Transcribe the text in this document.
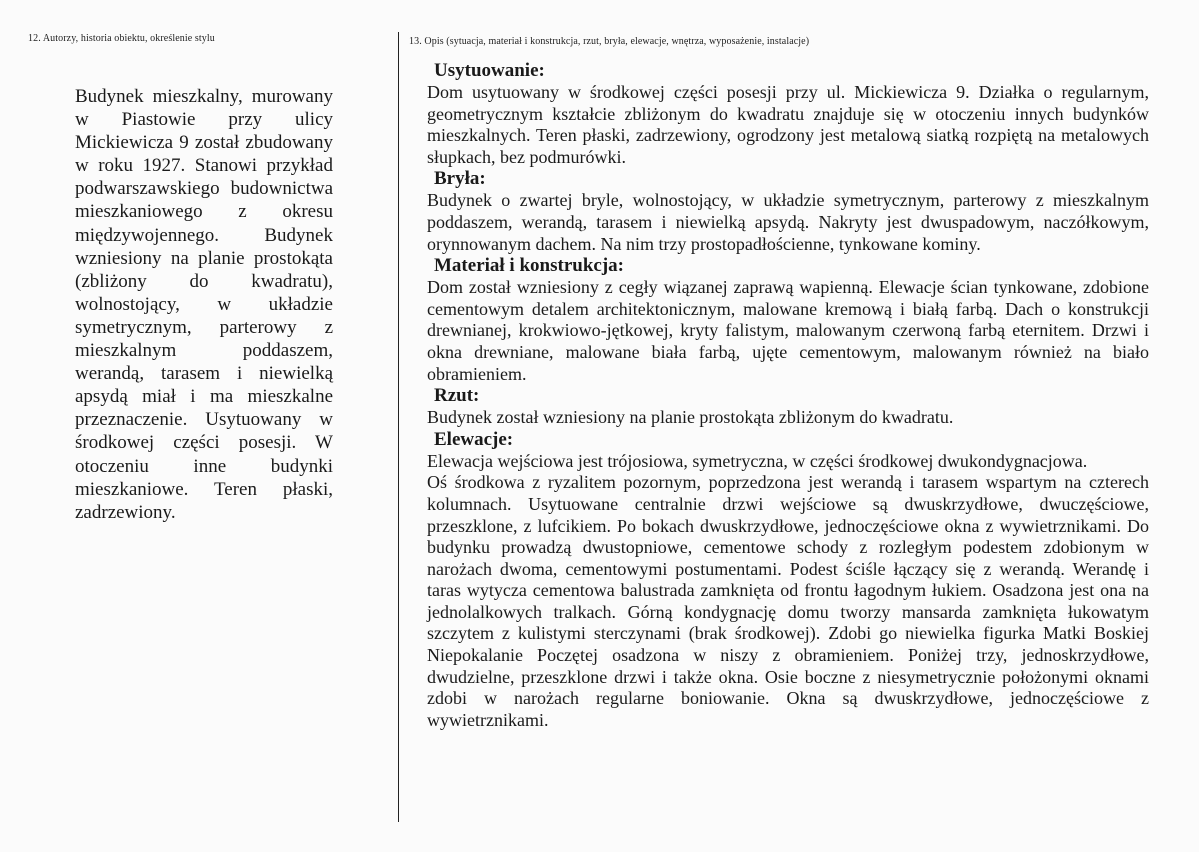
12. Autorzy, historia obiektu, określenie stylu	13. Opis (sytuacja, materiał i konstrukcja, rzut, bryła, elewacje, wnętrza, wyposażenie, instalacje)
Budynek mieszkalny, murowany w Piastowie przy ulicy Mickiewicza 9 został zbudowany w roku 1927. Stanowi przykład podwarszawskiego budownictwa mieszkaniowego z okresu międzywojennego. Budynek wzniesiony na planie prostokąta (zbliżony do kwadratu), wolnostojący, w układzie symetrycznym, parterowy z mieszkalnym poddaszem, werandą, tarasem i niewielką apsydą miał i ma mieszkalne przeznaczenie. Usytuowany w środkowej części posesji. W otoczeniu inne budynki mieszkaniowe. Teren płaski, zadrzewiony.
Usytuowanie:

Dom usytuowany w środkowej części posesji przy ul. Mickiewicza 9. Działka o regularnym, geometrycznym kształcie zbliżonym do kwadratu znajduje się w otoczeniu innych budynków mieszkalnych. Teren płaski, zadrzewiony, ogrodzony jest metalową siatką rozpiętą na metalowych słupkach, bez podmurówki.

Bryła:

Budynek o zwartej bryle, wolnostojący, w układzie symetrycznym, parterowy z mieszkalnym poddaszem, werandą, tarasem i niewielką apsydą. Nakryty jest dwuspadowym, naczółkowym, orynnowanym dachem. Na nim trzy prostopadłościenne, tynkowane kominy.

Materiał i konstrukcja:

Dom został wzniesiony z cegły wiązanej zaprawą wapienną. Elewacje ścian tynkowane, zdobione cementowym detalem architektonicznym, malowane kremową i białą farbą. Dach o konstrukcji drewnianej, krokwiowo-jętkowej, kryty falistym, malowanym czerwoną farbą eternitem. Drzwi i okna drewniane, malowane biała farbą, ujęte cementowym, malowanym również na biało obramieniem.

Rzut:

Budynek został wzniesiony na planie prostokąta zbliżonym do kwadratu.

Elewacje:

Elewacja wejściowa jest trójosiowa, symetryczna, w części środkowej dwukondygnacjowa.

Oś środkowa z ryzalitem pozornym, poprzedzona jest werandą i tarasem wspartym na czterech kolumnach. Usytuowane centralnie drzwi wejściowe są dwuskrzydłowe, dwuczęściowe, przeszklone, z lufcikiem. Po bokach dwuskrzydłowe, jednoczęściowe okna z wywietrznikami. Do budynku prowadzą dwustopniowe, cementowe schody z rozległym podestem zdobionym w narożach dwoma, cementowymi postumentami. Podest ściśle łączący się z werandą. Werandę i taras wytycza cementowa balustrada zamknięta od frontu łagodnym łukiem. Osadzona jest ona na jednolalkowych tralkach. Górną kondygnację domu tworzy mansarda zamknięta łukowatym szczytem z kulistymi sterczynami (brak środkowej). Zdobi go niewielka figurka Matki Boskiej Niepokalanie Poczętej osadzona w niszy z obramieniem. Poniżej trzy, jednoskrzydłowe, dwudzielne, przeszklone drzwi i także okna. Osie boczne z niesymetrycznie położonymi oknami zdobi w narożach regularne boniowanie. Okna są dwuskrzydłowe, jednoczęściowe z wywietrznikami.
